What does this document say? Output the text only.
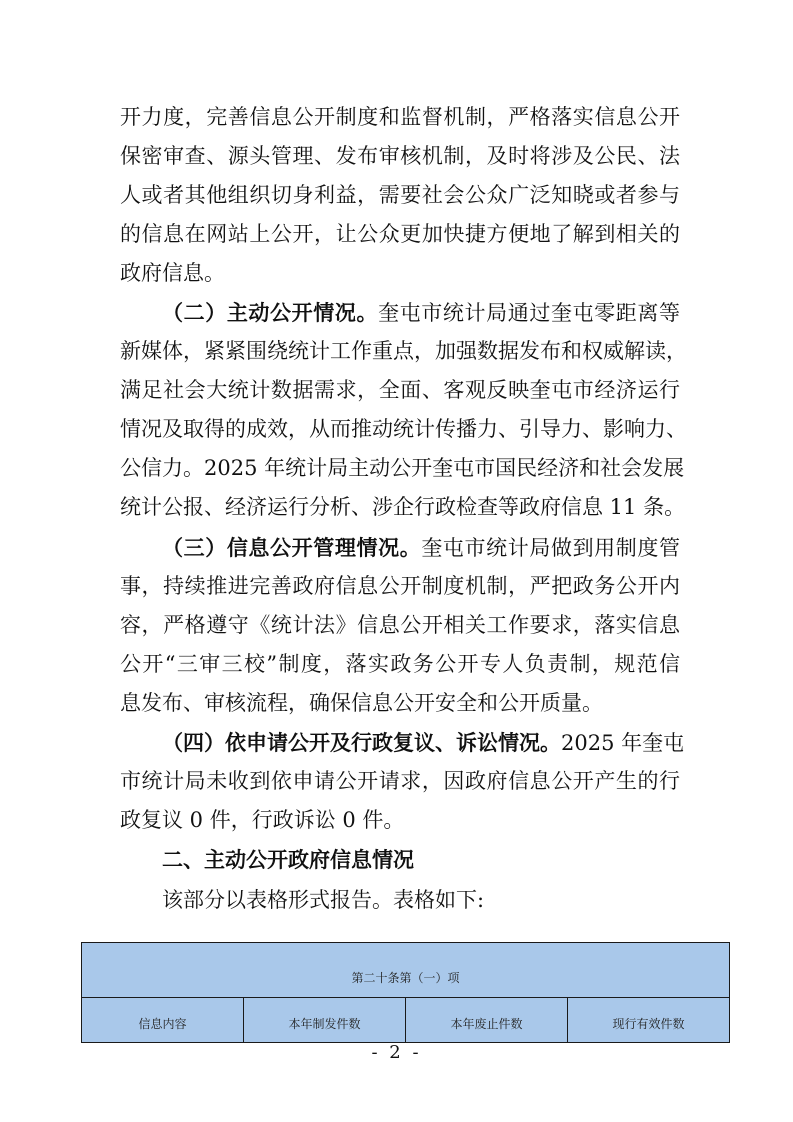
开力度，完善信息公开制度和监督机制，严格落实信息公开
保密审查、源头管理、发布审核机制，及时将涉及公民、法
人或者其他组织切身利益，需要社会公众广泛知晓或者参与
的信息在网站上公开，让公众更加快捷方便地了解到相关的
政府信息。
（二）主动公开情况。奎屯市统计局通过奎屯零距离等
新媒体，紧紧围绕统计工作重点，加强数据发布和权威解读，
满足社会大统计数据需求，全面、客观反映奎屯市经济运行
情况及取得的成效，从而推动统计传播力、引导力、影响力、
公信力。2025 年统计局主动公开奎屯市国民经济和社会发展
统计公报、经济运行分析、涉企行政检查等政府信息 11 条。
（三）信息公开管理情况。奎屯市统计局做到用制度管
事，持续推进完善政府信息公开制度机制，严把政务公开内
容，严格遵守《统计法》信息公开相关工作要求，落实信息
公开“三审三校”制度，落实政务公开专人负责制，规范信
息发布、审核流程，确保信息公开安全和公开质量。
（四）依申请公开及行政复议、诉讼情况。2025 年奎屯
市统计局未收到依申请公开请求，因政府信息公开产生的行
政复议 0 件，行政诉讼 0 件。

二、主动公开政府信息情况

该部分以表格形式报告。表格如下:

第二十条第（一）项
信息内容	本年制发件数	本年废止件数	现行有效件数
- 2 -
